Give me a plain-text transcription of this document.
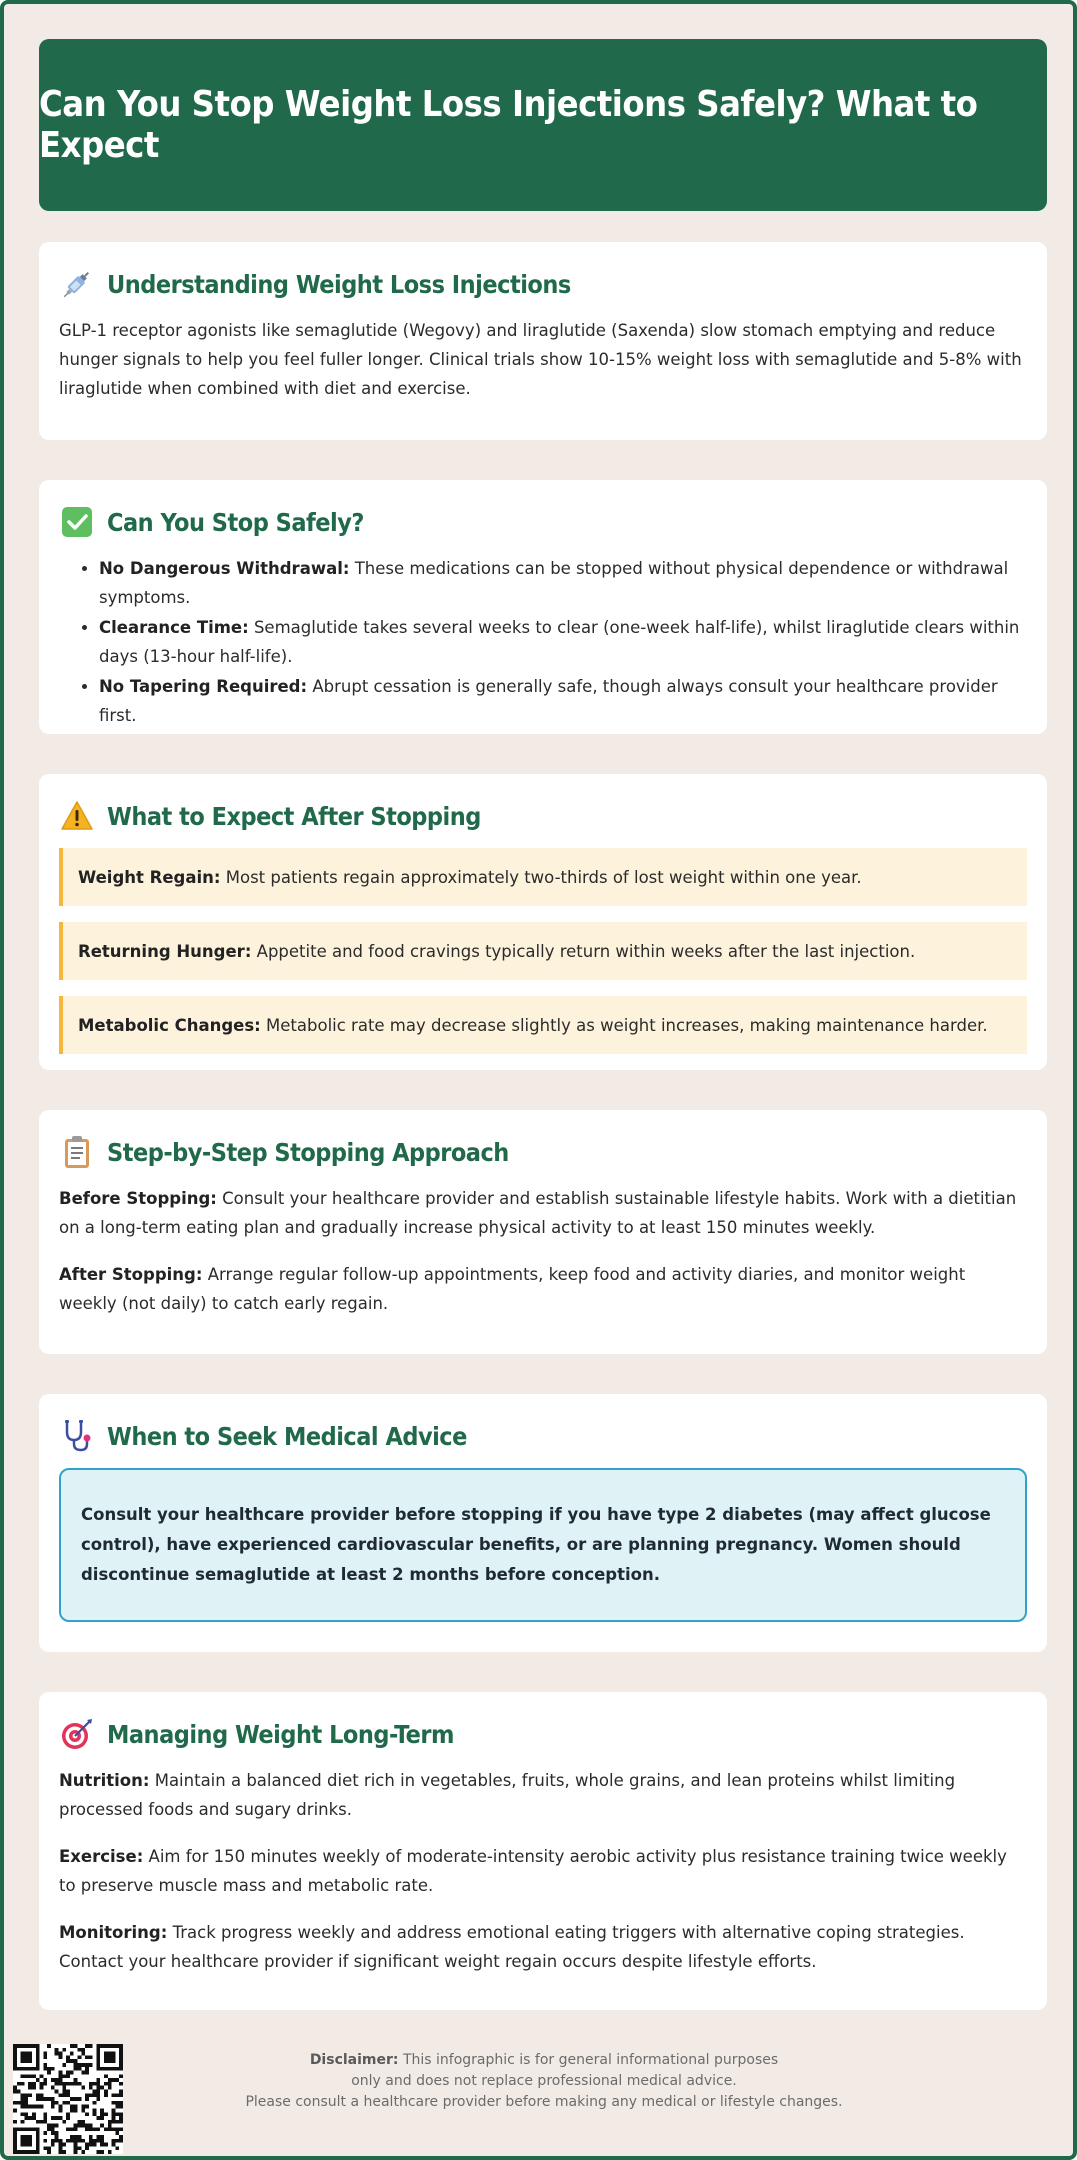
Can You Stop Weight Loss Injections Safely? What to Expect
Understanding Weight Loss Injections

GLP-1 receptor agonists like semaglutide (Wegovy) and liraglutide (Saxenda) slow stomach emptying and reduce hunger signals to help you feel fuller longer. Clinical trials show 10-15% weight loss with semaglutide and 5-8% with liraglutide when combined with diet and exercise.

Can You Stop Safely?
• No Dangerous Withdrawal: These medications can be stopped without physical dependence or withdrawal symptoms.
• Clearance Time: Semaglutide takes several weeks to clear (one-week half-life), whilst liraglutide clears within days (13-hour half-life).
• No Tapering Required: Abrupt cessation is generally safe, though always consult your healthcare provider first.
What to Expect After Stopping

Weight Regain: Most patients regain approximately two-thirds of lost weight within one year.

Returning Hunger: Appetite and food cravings typically return within weeks after the last injection.

Metabolic Changes: Metabolic rate may decrease slightly as weight increases, making maintenance harder.

Step-by-Step Stopping Approach

Before Stopping: Consult your healthcare provider and establish sustainable lifestyle habits. Work with a dietitian on a long-term eating plan and gradually increase physical activity to at least 150 minutes weekly.

After Stopping: Arrange regular follow-up appointments, keep food and activity diaries, and monitor weight weekly (not daily) to catch early regain.

When to Seek Medical Advice

Consult your healthcare provider before stopping if you have type 2 diabetes (may affect glucose control), have experienced cardiovascular benefits, or are planning pregnancy. Women should discontinue semaglutide at least 2 months before conception.

Managing Weight Long-Term

Nutrition: Maintain a balanced diet rich in vegetables, fruits, whole grains, and lean proteins whilst limiting processed foods and sugary drinks.

Exercise: Aim for 150 minutes weekly of moderate-intensity aerobic activity plus resistance training twice weekly to preserve muscle mass and metabolic rate.

Monitoring: Track progress weekly and address emotional eating triggers with alternative coping strategies. Contact your healthcare provider if significant weight regain occurs despite lifestyle efforts.

Disclaimer: This infographic is for general informational purposes
only and does not replace professional medical advice.
Please consult a healthcare provider before making any medical or lifestyle changes.
